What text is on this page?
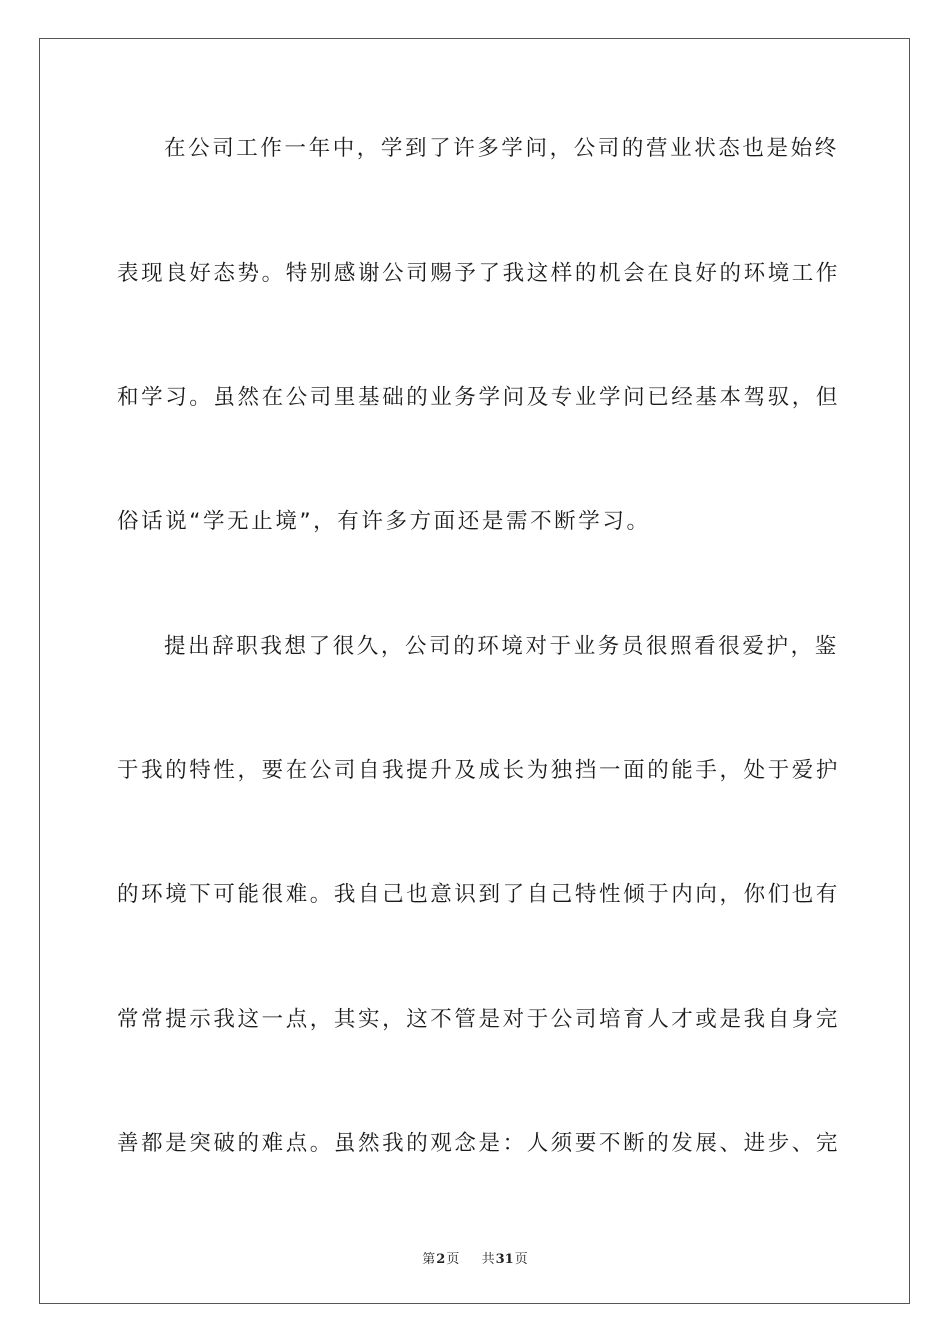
在公司工作一年中，学到了许多学问，公司的营业状态也是始终
表现良好态势。特别感谢公司赐予了我这样的机会在良好的环境工作
和学习。虽然在公司里基础的业务学问及专业学问已经基本驾驭，但
俗话说“学无止境”，有许多方面还是需不断学习。
提出辞职我想了很久，公司的环境对于业务员很照看很爱护，鉴
于我的特性，要在公司自我提升及成长为独挡一面的能手，处于爱护
的环境下可能很难。我自己也意识到了自己特性倾于内向，你们也有
常常提示我这一点，其实，这不管是对于公司培育人才或是我自身完
善都是突破的难点。虽然我的观念是：人须要不断的发展、进步、完
第2页 共31页
